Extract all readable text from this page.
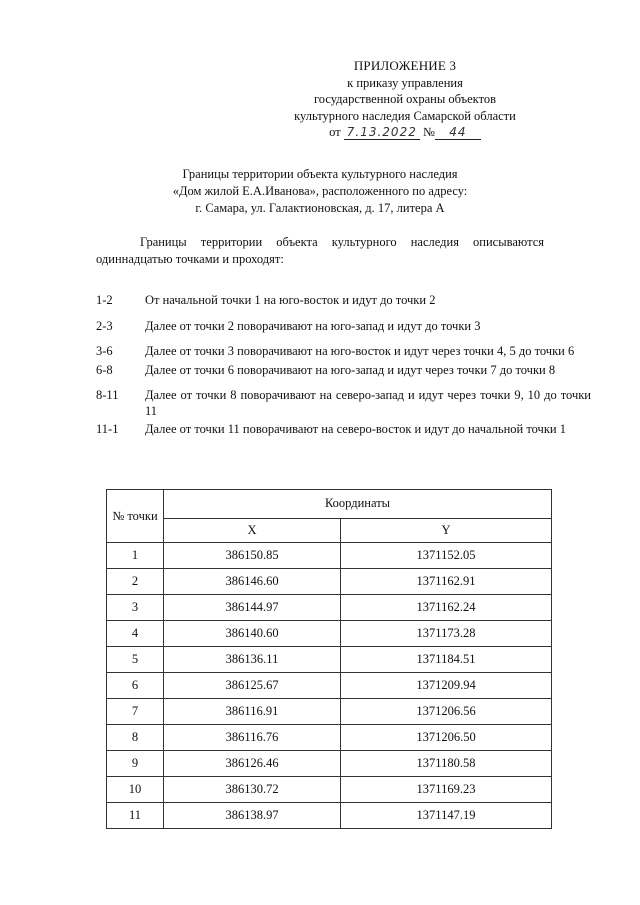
ПРИЛОЖЕНИЕ 3
к приказу управления
государственной охраны объектов
культурного наследия Самарской области
от 7.13.2022 № 44
Границы территории объекта культурного наследия
«Дом жилой Е.А.Иванова», расположенного по адресу:
г. Самара, ул. Галактионовская, д. 17, литера А
Границы территории объекта культурного наследия описываются
одиннадцатью точками и проходят:
1-2	От начальной точки 1 на юго-восток и идут до точки 2
2-3	Далее от точки 2 поворачивают на юго-запад и идут до точки 3
3-6	Далее от точки 3 поворачивают на юго-восток и идут через точки 4, 5 до точки 6
6-8	Далее от точки 6 поворачивают на юго-запад и идут через точки 7 до точки 8
8-11	Далее от точки 8 поворачивают на северо-запад и идут через точки 9, 10 до точки 11
11-1	Далее от точки 11 поворачивают на северо-восток и идут до начальной точки 1
№ точки	Координаты	
	X	Y
1	386150.85	1371152.05
2	386146.60	1371162.91
3	386144.97	1371162.24
4	386140.60	1371173.28
5	386136.11	1371184.51
6	386125.67	1371209.94
7	386116.91	1371206.56
8	386116.76	1371206.50
9	386126.46	1371180.58
10	386130.72	1371169.23
11	386138.97	1371147.19
